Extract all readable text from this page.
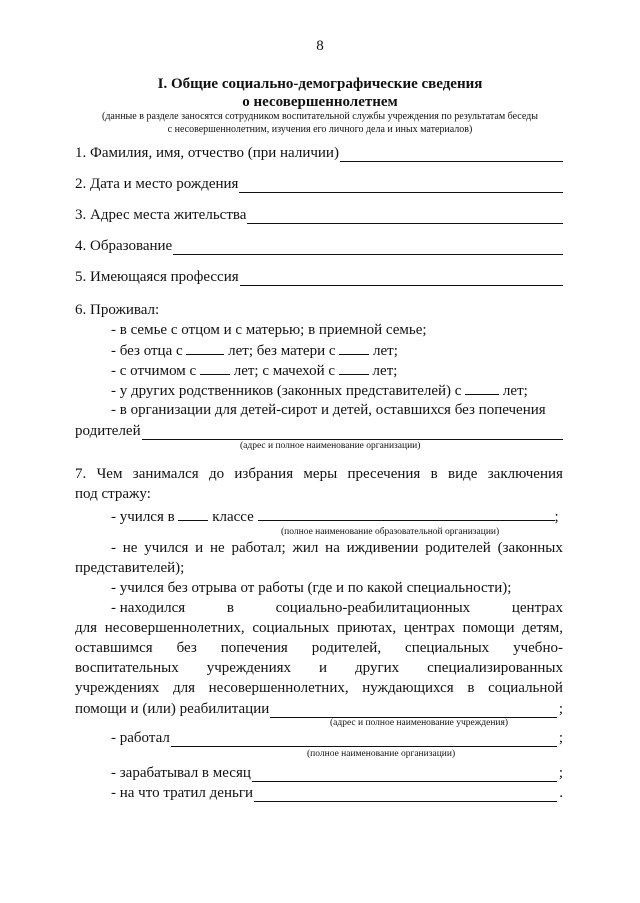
8
I. Общие социально-демографические сведения
о несовершеннолетнем
(данные в разделе заносятся сотрудником воспитательной службы учреждения по результатам беседы
с несовершеннолетним, изучения его личного дела и иных материалов)
1. Фамилия, имя, отчество (при наличии)
2. Дата и место рождения
3. Адрес места жительства
4. Образование
5. Имеющаяся профессия
6. Проживал:
- в семье с отцом и с матерью; в приемной семье;
- без отца с	лет; без матери с	лет;
- с отчимом с	лет; с мачехой с	лет;
- у других родственников (законных представителей) с	лет;
- в организации для детей-сирот и детей, оставшихся без попечения
родителей
(адрес и полное наименование организации)
7. Чем занимался до избрания меры пресечения в виде заключения
под стражу:
- учился в	классе	;
(полное наименование образовательной организации)
- не учился и не работал; жил на иждивении родителей (законных
представителей);
- учился без отрыва от работы (где и по какой специальности);
- находился	в	социально-реабилитационных	центрах
для несовершеннолетних, социальных приютах, центрах помощи детям,
оставшимся без попечения родителей, специальных учебно-
воспитательных учреждениях и других специализированных
учреждениях для несовершеннолетних, нуждающихся в социальной
помощи и (или) реабилитации	;
(адрес и полное наименование учреждения)
- работал	;
(полное наименование организации)
- зарабатывал в месяц	;
- на что тратил деньги	.
